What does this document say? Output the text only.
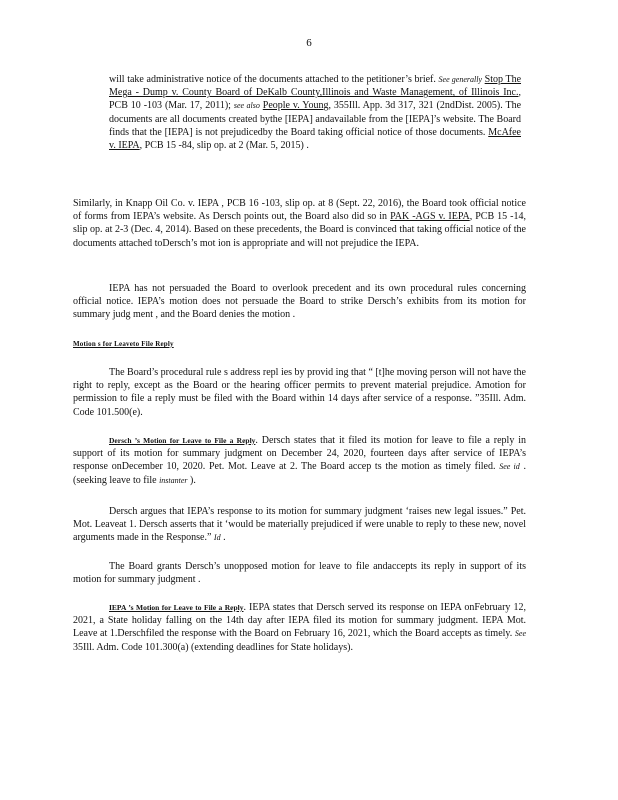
6

will take administrative notice of the documents attached to the petitioner’s brief. See generally Stop The Mega - Dump v. County Board of DeKalb County,Illinois and Waste Management, of Illinois Inc., PCB 10 -103 (Mar. 17, 2011); see also People v. Young, 355Ill. App. 3d 317, 321 (2ndDist. 2005). The documents are all documents created bythe [IEPA] andavailable from the [IEPA]’s website. The Board finds that the [IEPA] is not prejudicedby the Board taking official notice of those documents. McAfee v. IEPA, PCB 15 -84, slip op. at 2 (Mar. 5, 2015) .

Similarly, in Knapp Oil Co. v. IEPA , PCB 16 -103, slip op. at 8 (Sept. 22, 2016), the Board took official notice of forms from IEPA’s website. As Dersch points out, the Board also did so in PAK -AGS v. IEPA, PCB 15 -14, slip op. at 2-3 (Dec. 4, 2014). Based on these precedents, the Board is convinced that taking official notice of the documents attached toDersch’s mot ion is appropriate and will not prejudice the IEPA.

IEPA has not persuaded the Board to overlook precedent and its own procedural rules concerning official notice. IEPA’s motion does not persuade the Board to strike Dersch’s exhibits from its motion for summary judg ment , and the Board denies the motion .

Motion s for Leaveto File Reply

The Board’s procedural rule s address repl ies by provid ing that “ [t]he moving person will not have the right to reply, except as the Board or the hearing officer permits to prevent material prejudice. Amotion for permission to file a reply must be filed with the Board within 14 days after service of a response. ”35Ill. Adm. Code 101.500(e).

Dersch ’s Motion for Leave to File a Reply. Dersch states that it filed its motion for leave to file a reply in support of its motion for summary judgment on December 24, 2020, fourteen days after service of IEPA’s response onDecember 10, 2020. Pet. Mot. Leave at 2. The Board accep ts the motion as timely filed. See id . (seeking leave to file instanter ).

Dersch argues that IEPA’s response to its motion for summary judgment ‘raises new legal issues.” Pet. Mot. Leaveat 1. Dersch asserts that it ‘would be materially prejudiced if were unable to reply to these new, novel arguments made in the Response.” Id .

The Board grants Dersch’s unopposed motion for leave to file andaccepts its reply in support of its motion for summary judgment .

IEPA ’s Motion for Leave to File a Reply. IEPA states that Dersch served its response on IEPA onFebruary 12, 2021, a State holiday falling on the 14th day after IEPA filed its motion for summary judgment. IEPA Mot. Leave at 1.Derschfiled the response with the Board on February 16, 2021, which the Board accepts as timely. See 35Ill. Adm. Code 101.300(a) (extending deadlines for State holidays).
